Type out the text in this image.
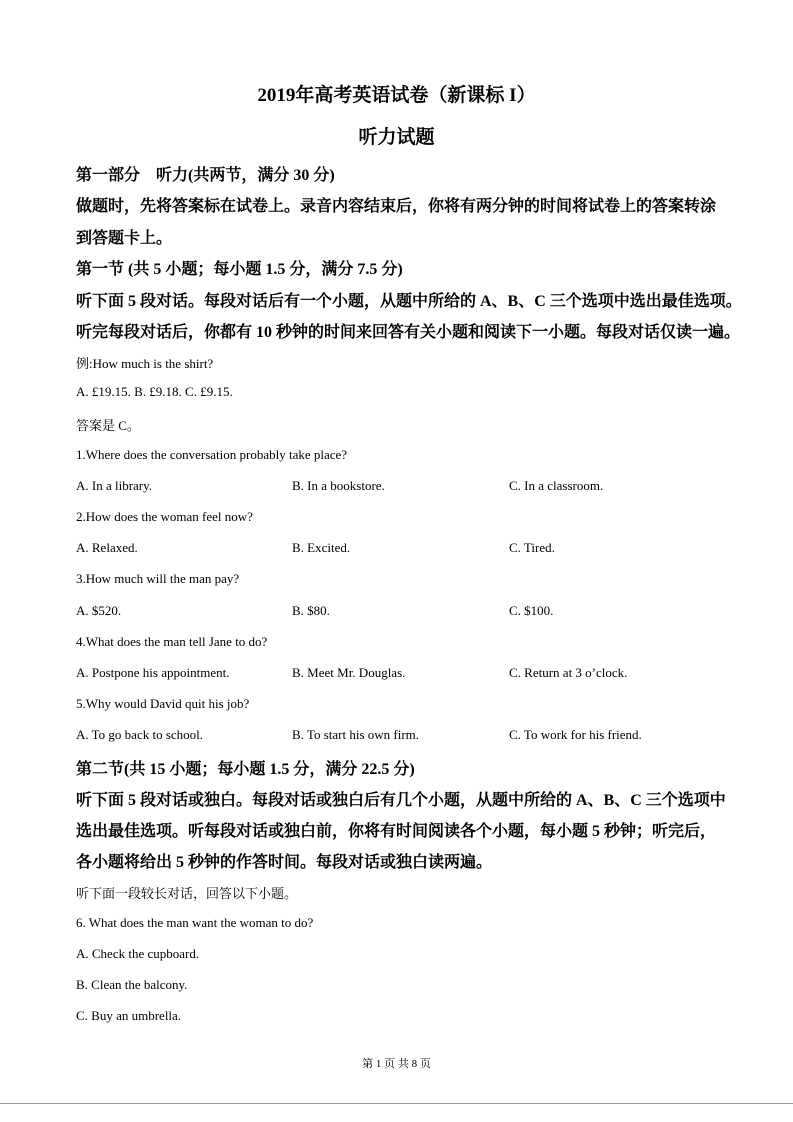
2019年高考英语试卷（新课标 I）
听力试题
第一部分　听力(共两节，满分 30 分)
做题时，先将答案标在试卷上。录音内容结束后，你将有两分钟的时间将试卷上的答案转涂
到答题卡上。
第一节 (共 5 小题；每小题 1.5 分，满分 7.5 分)
听下面 5 段对话。每段对话后有一个小题，从题中所给的 A、B、C 三个选项中选出最佳选项。
听完每段对话后，你都有 10 秒钟的时间来回答有关小题和阅读下一小题。每段对话仅读一遍。
例:How much is the shirt?
A. £19.15. B. £9.18. C. £9.15.
答案是 C。
1.Where does the conversation probably take place?
A. In a library.	B. In a bookstore.	C. In a classroom.
2.How does the woman feel now?
A. Relaxed.	B. Excited.	C. Tired.
3.How much will the man pay?
A. $520.	B. $80.	C. $100.
4.What does the man tell Jane to do?
A. Postpone his appointment.	B. Meet Mr. Douglas.	C. Return at 3 o’clock.
5.Why would David quit his job?
A. To go back to school.	B. To start his own firm.	C. To work for his friend.
第二节(共 15 小题；每小题 1.5 分，满分 22.5 分)
听下面 5 段对话或独白。每段对话或独白后有几个小题，从题中所给的 A、B、C 三个选项中
选出最佳选项。听每段对话或独白前，你将有时间阅读各个小题，每小题 5 秒钟；听完后，
各小题将给出 5 秒钟的作答时间。每段对话或独白读两遍。
听下面一段较长对话，回答以下小题。
6. What does the man want the woman to do?
A. Check the cupboard.
B. Clean the balcony.
C. Buy an umbrella.
第 1 页 共 8 页
